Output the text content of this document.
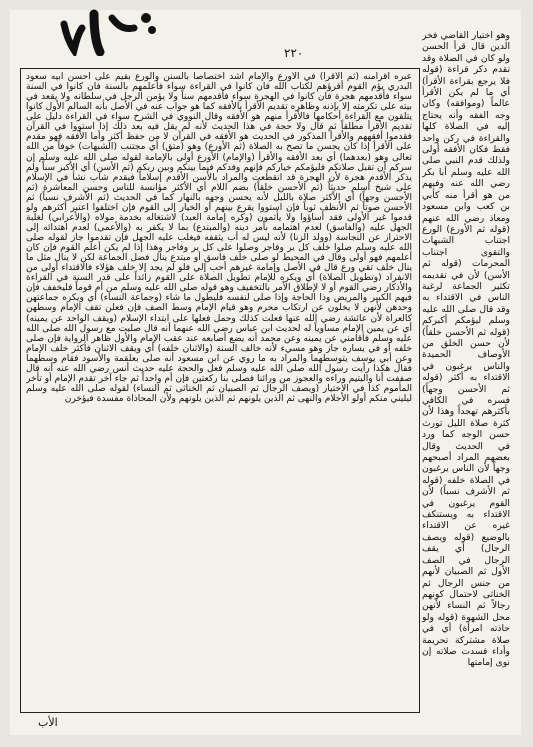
٢٢٠

عبره أقرأمنه (ثم الأقرأ) في الأورع والإمام أشد اختصاصاً بالسنن والورع بقيم على أحسن ابيه سعود البدري يؤم القوم أقرؤهم لكتاب الله فان كانوا في القراءة سواء فأعلمهم بالسنة فان كانوا في السنة سواء فأقدمهم هجرة فان كانوا في الهجرة سواء فأقدمهم سناً ولا يؤمن الرجل في سلطانه ولا يقعد في بيته على تكرمته إلا بإذنه وظاهره تقديم الأقرأ بالأفقه كما هو جواب عنه في الأصل بأنه السالم الأول كانوا يتلقون مع القراءة أحكامها فالأقرأ منهم هو الأفقه وقال النووي في الشرح سواء في القراءة دليل على تقديم الأقرأ مطلقاً ثم قال ولا حجة في هذا الحديث لأنه لم يقل فيه بعد ذلك إذا استووا في القرآن فقدموا أفقههم والأقرأ المذكور في الحديث هو الأفقه في القرآن لا من حفظ أكثر وأما الأفقه فهو مقدم على الأقرأ إذا كان يحسن ما تصح به الصلاة (ثم الأورع) وهو (متق) أي مجتنب (الشبهات) خوفاً من الله تعالى وهو (بعدهما) أي بعد الأفقه والأقرأ (والإمام) الأورع أولى بالإمامة لقوله صلى الله عليه وسلم إن سركم أن تقبل صلاتكم فليؤمكم خياركم فإنهم وفدكم فيما بينكم وبين ربكم (ثم الأسن) أي الأكبر سناً ولم يذكر الأقدم هجرة لأن الهجرة قد انقطعت والمراد بالأسن الأقدم إسلاماً فيقدم شاب نشأ في الإسلام على شيخ أسلم حديثاً (ثم الأحسن خلقاً) بضم اللام أي الأكثر مؤانسة للناس وحسن المعاشرة (ثم الأحسن وجهاً) أي الأكثر صلاة بالليل لأنه يحسن وجهه بالنهار كما في الحديث (ثم الأشرف نسباً) ثم الأحسن صوتاً ثم الأنظف ثوباً فإن استووا يقرع بينهم أو الخيار إلى القوم فإن اختلفوا اعتبر أكثرهم ولو قدموا غير الأولى فقد أساؤوا ولا يأثمون (وكره إمامة العبد) لاشتغاله بخدمة مولاه (والأعرابي) لغلبة الجهل عليه (والفاسق) لعدم اهتمامه بأمر دينه (والمبتدع) بما لا يكفر به (والأعمى) لعدم اهتدائه إلى الاحتراز عن النجاسة (وولد الزنا) لأنه ليس له أب يثقفه فيغلب عليه الجهل فإن تقدموا جاز لقوله صلى الله عليه وسلم صلوا خلف كل بر وفاجر وصلوا على كل بر وفاجر وهذا إذا لم يكن أعلم القوم فإن كان أعلمهم فهو أولى وقال في المحيط لو صلى خلف فاسق أو مبتدع ينال فضل الجماعة لكن لا ينال مثل ما ينال خلف تقي ورع قال في الأصل وإمامة غيرهم أحب إلي فلو لم يجد إلا خلف هؤلاء فالاقتداء أولى من الانفراد (وتطويل الصلاة) أي ويكره للإمام تطويل الصلاة على القوم زائداً على قدر السنة في القراءة والأذكار رضي القوم أو لا لإطلاق الأمر بالتخفيف وهو قوله صلى الله عليه وسلم من أم قوماً فليخفف فإن فيهم الكبير والمريض وذا الحاجة وإذا صلى لنفسه فليطول ما شاء (وجماعة النساء) أي ويكره جماعتهن وحدهن لأنهن لا يخلون عن ارتكاب محرم وهو قيام الإمام وسط الصف فإن فعلن تقف الإمام وسطهن كالعراة لأن عائشة رضي الله عنها فعلت كذلك وحمل فعلها على ابتداء الإسلام (ويقف الواحد عن يمينه) أي عن يمين الإمام مساوياً له لحديث ابن عباس رضي الله عنهما أنه قال صليت مع رسول الله صلى الله عليه وسلم فأقامني عن يمينه وعن محمد أنه يضع أصابعه عند عقب الإمام والأول ظاهر الرواية فإن صلى خلفه أو في يساره جاز وهو مسيء لأنه خالف السنة (والاثنان خلفه) أي ويقف الاثنان فأكثر خلف الإمام وعن أبي يوسف يتوسطهما والمراد به ما روي عن ابن مسعود أنه صلى بعلقمة والأسود فقام وسطهما فقال هكذا رأيت رسول الله صلى الله عليه وسلم فعل والحجة عليه حديث أنس رضي الله عنه أنه قال صففت أنا واليتيم وراءه والعجوز من ورائنا فصلى بنا ركعتين فإن أم واحداً ثم جاء آخر تقدم الإمام أو تأخر المأموم كذا في الاختيار (ويصف الرجال ثم الصبيان ثم الخناثى ثم النساء) لقوله صلى الله عليه وسلم ليليني منكم أولو الأحلام والنهى ثم الذين يلونهم ثم الذين يلونهم ولأن المحاذاة مفسدة فيؤخرن

وهو اختيار القاضي فخر الدين قال قرأ الحسن ولو كان في الصلاة وقد تقدم ذكر قراءة (قوله فلا يرجع بقراءة الأقرأ) أي ما لم يكن الأقرأ عالماً (وموافقه) وكان وجه الفقه وأنه يحتاج إليه في الصلاة كلها والقراءة في ركن واحد فقط فكان الأفقه أولى ولذلك قدم النبي صلى الله عليه وسلم أبا بكر رضي الله عنه وفيهم من هو أقرأ منه كأبي بن كعب وابن مسعود ومعاذ رضي الله عنهم (قوله ثم الأورع) الورع اجتناب الشبهات والتقوى اجتناب المحرمات (قوله ثم الأسن) لأن في تقديمه تكثير الجماعة لرغبة الناس في الاقتداء به وقد قال صلى الله عليه وسلم ليؤمكم أكبركم (قوله ثم الأحسن خلقاً) لأن حسن الخلق من الأوصاف الحميدة والناس يرغبون في الاقتداء به أكثر (قوله ثم الأحسن وجهاً) فسره في الكافي بأكثرهم تهجداً وهذا لأن كثرة صلاة الليل تورث حسن الوجه كما ورد في الحديث وقال بعضهم المراد أصبحهم وجهاً لأن الناس يرغبون في الصلاة خلفه (قوله ثم الأشرف نسباً) لأن القوم يرغبون في الاقتداء به ويستنكف غيره عن الاقتداء بالوضيع (قوله ويصف الرجال) أي يقف الرجال في الصف الأول ثم الصبيان لأنهم من جنس الرجال ثم الخناثى لاحتمال كونهم رجالاً ثم النساء لأنهن محل الشهوة (قوله ولو حاذته امرأة) أي في صلاة مشتركة تحريمة وأداء فسدت صلاته إن نوى إمامتها

الأب
